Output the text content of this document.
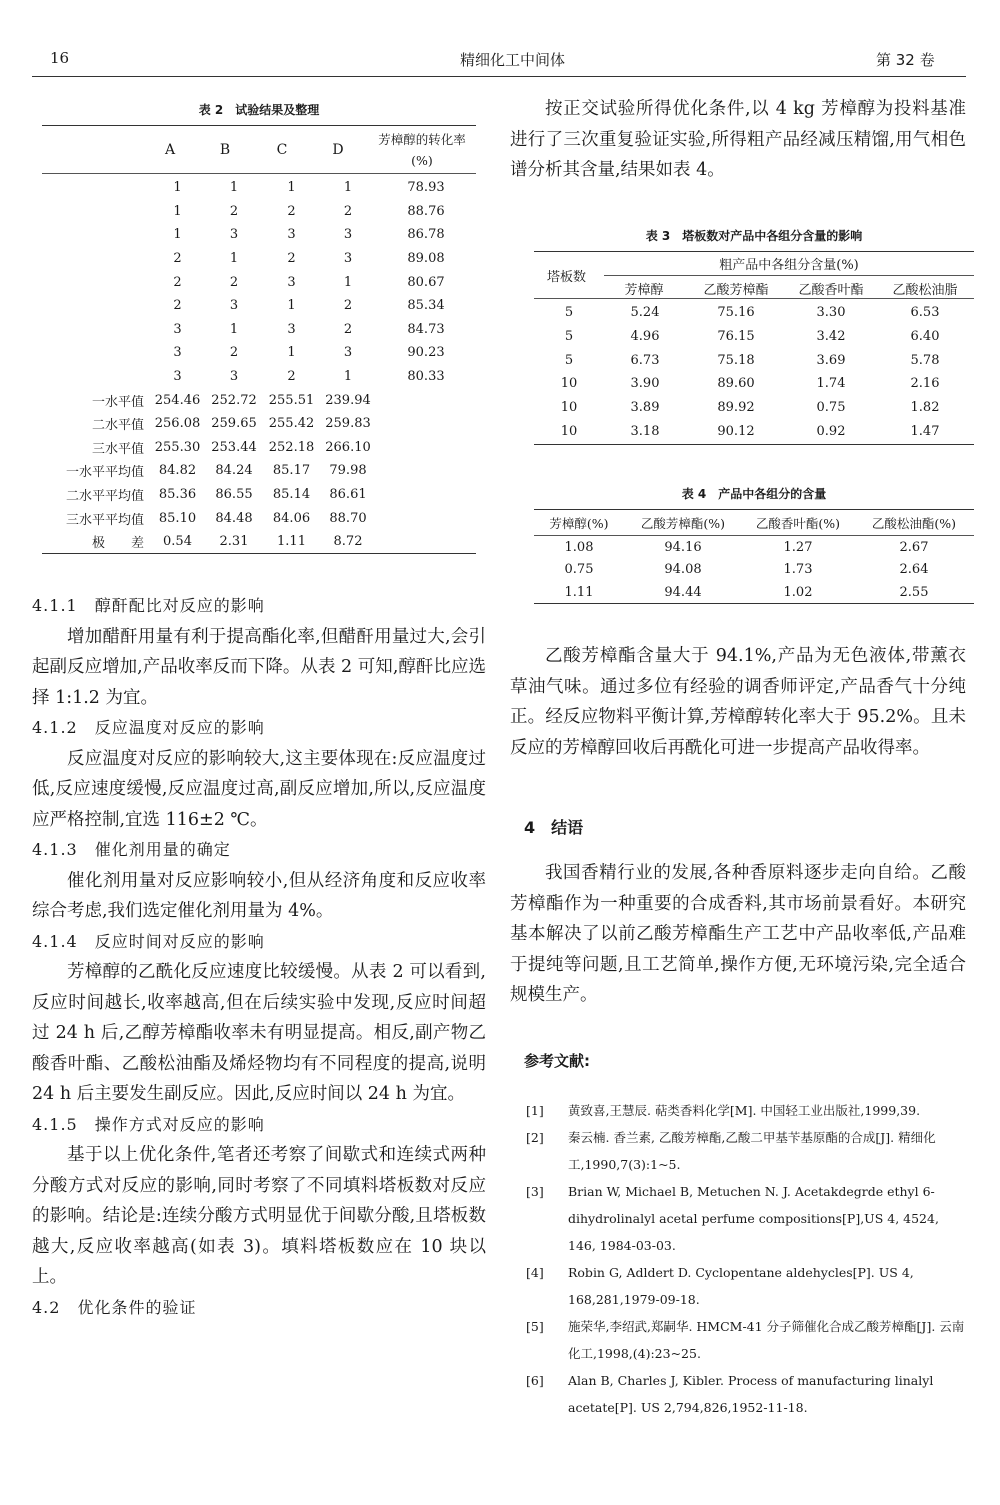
16	精细化工中间体	第 32 卷
表 2　试验结果及整理
A	B	C	D
芳樟醇的转化率
(%)
	1	1	1	1	78.93
	1	2	2	2	88.76
	1	3	3	3	86.78
	2	1	2	3	89.08
	2	2	3	1	80.67
	2	3	1	2	85.34
	3	1	3	2	84.73
	3	2	1	3	90.23
	3	3	2	1	80.33
一水平值	254.46	252.72	255.51	239.94	
二水平值	256.08	259.65	255.42	259.83	
三水平值	255.30	253.44	252.18	266.10	
一水平平均值	84.82	84.24	85.17	79.98	
二水平平均值	85.36	86.55	85.14	86.61	
三水平平均值	85.10	84.48	84.06	88.70	
极　　差	0.54	2.31	1.11	8.72	
4.1.1　醇酐配比对反应的影响

增加醋酐用量有利于提高酯化率,但醋酐用量过大,会引起副反应增加,产品收率反而下降。从表 2 可知,醇酐比应选择 1:1.2 为宜。

4.1.2　反应温度对反应的影响

反应温度对反应的影响较大,这主要体现在:反应温度过低,反应速度缓慢,反应温度过高,副反应增加,所以,反应温度应严格控制,宜选 116±2 ℃。

4.1.3　催化剂用量的确定

催化剂用量对反应影响较小,但从经济角度和反应收率综合考虑,我们选定催化剂用量为 4%。

4.1.4　反应时间对反应的影响

芳樟醇的乙酰化反应速度比较缓慢。从表 2 可以看到,反应时间越长,收率越高,但在后续实验中发现,反应时间超过 24 h 后,乙醇芳樟酯收率未有明显提高。相反,副产物乙酸香叶酯、乙酸松油酯及烯烃物均有不同程度的提高,说明 24 h 后主要发生副反应。因此,反应时间以 24 h 为宜。

4.1.5　操作方式对反应的影响

基于以上优化条件,笔者还考察了间歇式和连续式两种分酸方式对反应的影响,同时考察了不同填料塔板数对反应的影响。结论是:连续分酸方式明显优于间歇分酸,且塔板数越大,反应收率越高(如表 3)。填料塔板数应在 10 块以上。

4.2　优化条件的验证

按正交试验所得优化条件,以 4 kg 芳樟醇为投料基准进行了三次重复验证实验,所得粗产品经减压精馏,用气相色谱分析其含量,结果如表 4。

表 3　塔板数对产品中各组分含量的影响
塔板数
粗产品中各组分含量(%)
芳樟醇	乙酸芳樟酯	乙酸香叶酯	乙酸松油脂
5	5.24	75.16	3.30	6.53
5	4.96	76.15	3.42	6.40
5	6.73	75.18	3.69	5.78
10	3.90	89.60	1.74	2.16
10	3.89	89.92	0.75	1.82
10	3.18	90.12	0.92	1.47
表 4　产品中各组分的含量
芳樟醇(%)	乙酸芳樟酯(%)	乙酸香叶酯(%)	乙酸松油酯(%)
1.08	94.16	1.27	2.67
0.75	94.08	1.73	2.64
1.11	94.44	1.02	2.55

乙酸芳樟酯含量大于 94.1%,产品为无色液体,带薰衣草油气味。通过多位有经验的调香师评定,产品香气十分纯正。经反应物料平衡计算,芳樟醇转化率大于 95.2%。且未反应的芳樟醇回收后再酰化可进一步提高产品收得率。

4　结语

我国香精行业的发展,各种香原料逐步走向自给。乙酸芳樟酯作为一种重要的合成香料,其市场前景看好。本研究基本解决了以前乙酸芳樟酯生产工艺中产品收率低,产品难于提纯等问题,且工艺简单,操作方便,无环境污染,完全适合规模生产。

参考文献:
[1] 黄致喜,王慧辰. 萜类香料化学[M]. 中国轻工业出版社,1999,39.
[2] 秦云楠. 香兰素, 乙酸芳樟酯,乙酸二甲基苄基原酯的合成[J]. 精细化工,1990,7(3):1~5.
[3] Brian W, Michael B, Metuchen N. J. Acetakdegrde ethyl 6-dihydrolinalyl acetal perfume compositions[P],US 4, 4524, 146, 1984-03-03.
[4] Robin G, Adldert D. Cyclopentane aldehycles[P]. US 4, 168,281,1979-09-18.
[5] 施荣华,李绍武,郑嗣华. HMCM-41 分子筛催化合成乙酸芳樟酯[J]. 云南化工,1998,(4):23~25.
[6] Alan B, Charles J, Kibler. Process of manufacturing linalyl acetate[P]. US 2,794,826,1952-11-18.
